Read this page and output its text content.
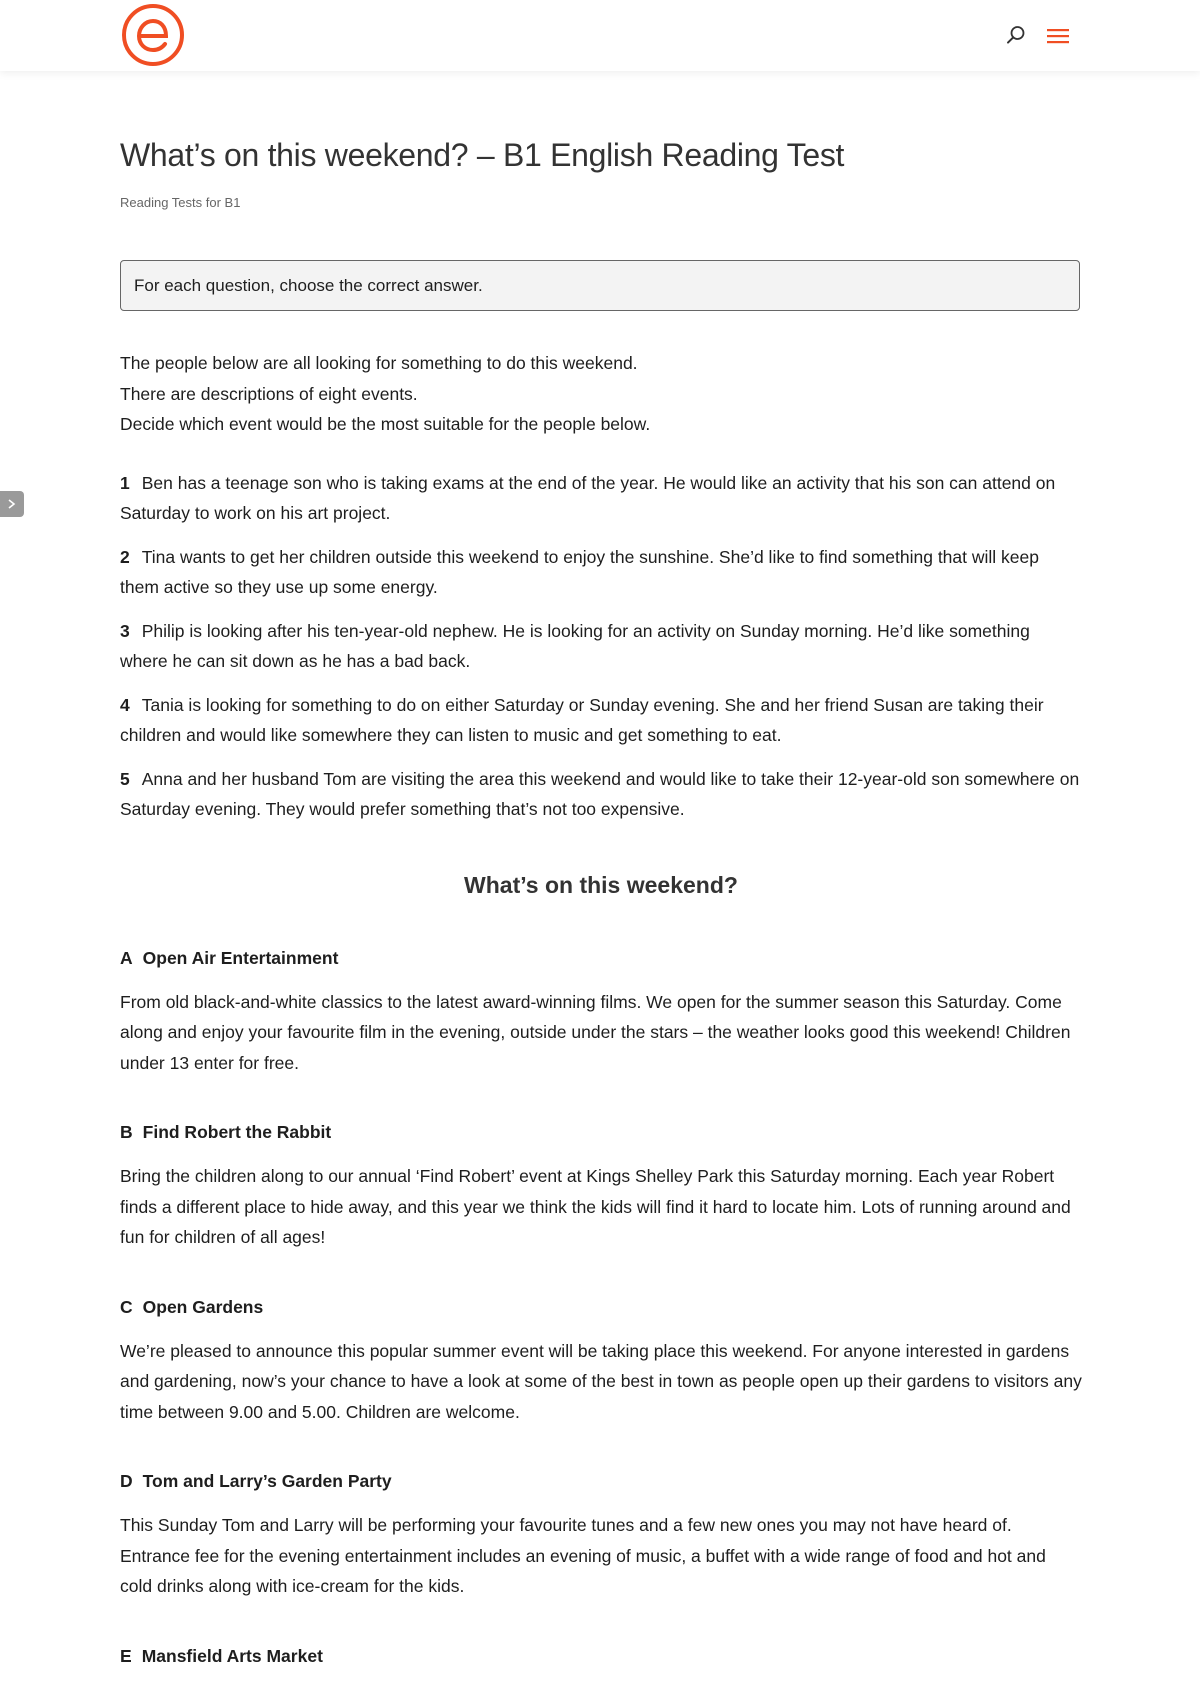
What’s on this weekend? – B1 English Reading Test
Reading Tests for B1
For each question, choose the correct answer.
The people below are all looking for something to do this weekend.
There are descriptions of eight events.
Decide which event would be the most suitable for the people below.

1 Ben has a teenage son who is taking exams at the end of the year. He would like an activity that his son can attend on Saturday to work on his art project.

2 Tina wants to get her children outside this weekend to enjoy the sunshine. She’d like to find something that will keep them active so they use up some energy.

3 Philip is looking after his ten-year-old nephew. He is looking for an activity on Sunday morning. He’d like something where he can sit down as he has a bad back.

4 Tania is looking for something to do on either Saturday or Sunday evening. She and her friend Susan are taking their children and would like somewhere they can listen to music and get something to eat.

5 Anna and her husband Tom are visiting the area this weekend and would like to take their 12-year-old son somewhere on Saturday evening. They would prefer something that’s not too expensive.

What’s on this weekend?
A Open Air Entertainment

From old black-and-white classics to the latest award-winning films. We open for the summer season this Saturday. Come along and enjoy your favourite film in the evening, outside under the stars – the weather looks good this weekend! Children under 13 enter for free.

B Find Robert the Rabbit

Bring the children along to our annual ‘Find Robert’ event at Kings Shelley Park this Saturday morning. Each year Robert finds a different place to hide away, and this year we think the kids will find it hard to locate him. Lots of running around and fun for children of all ages!

C Open Gardens

We’re pleased to announce this popular summer event will be taking place this weekend. For anyone interested in gardens and gardening, now’s your chance to have a look at some of the best in town as people open up their gardens to visitors any time between 9.00 and 5.00. Children are welcome.

D Tom and Larry’s Garden Party

This Sunday Tom and Larry will be performing your favourite tunes and a few new ones you may not have heard of. Entrance fee for the evening entertainment includes an evening of music, a buffet with a wide range of food and hot and cold drinks along with ice-cream for the kids.

E Mansfield Arts Market
